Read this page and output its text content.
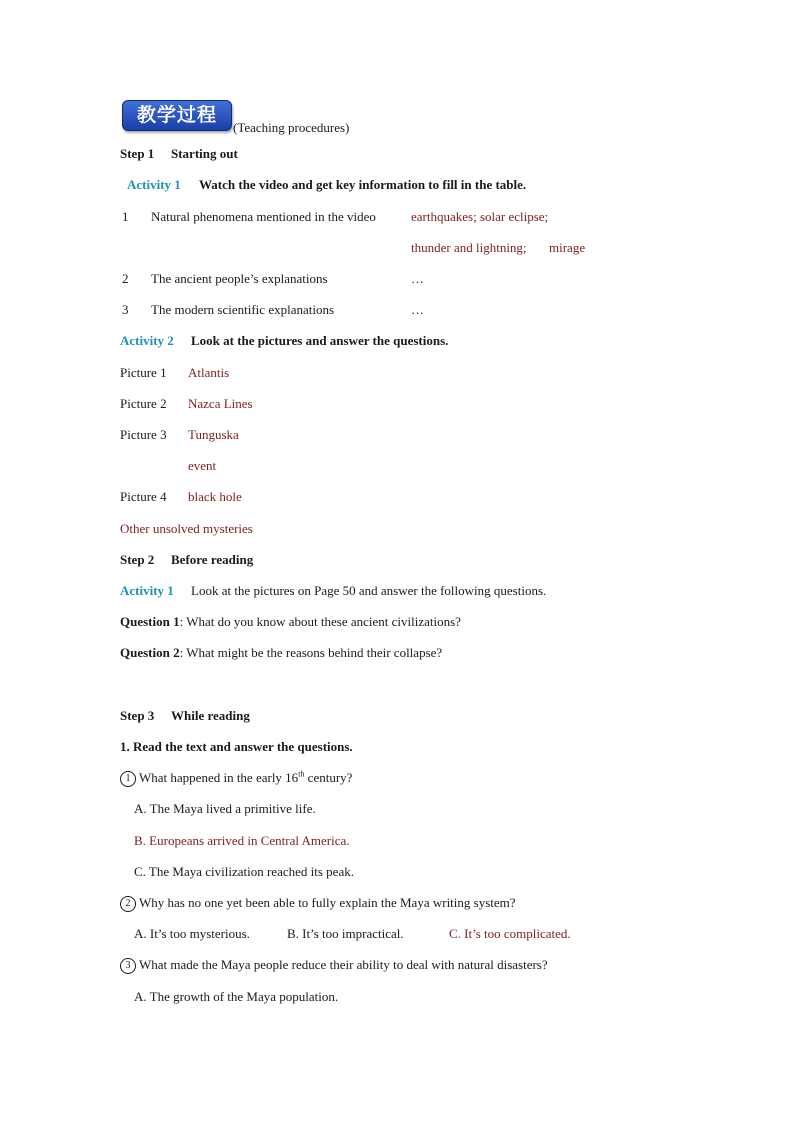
教学过程
(Teaching procedures)
Step 1 Starting out
Activity 1 Watch the video and get key information to fill in the table.
1 Natural phenomena mentioned in the video	earthquakes; solar eclipse;
thunder and lightning; mirage
2 The ancient people’s explanations	…
3 The modern scientific explanations	…
Activity 2 Look at the pictures and answer the questions.
Picture 1 Atlantis
Picture 2 Nazca Lines
Picture 3 Tunguska
event
Picture 4 black hole
Other unsolved mysteries
Step 2 Before reading
Activity 1 Look at the pictures on Page 50 and answer the following questions.
Question 1: What do you know about these ancient civilizations?
Question 2: What might be the reasons behind their collapse?
Step 3 While reading
1. Read the text and answer the questions.
1 What happened in the early 16th century?
A. The Maya lived a primitive life.
B. Europeans arrived in Central America.
C. The Maya civilization reached its peak.
2 Why has no one yet been able to fully explain the Maya writing system?
A. It’s too mysterious.	B. It’s too impractical.	C. It’s too complicated.
3 What made the Maya people reduce their ability to deal with natural disasters?
A. The growth of the Maya population.
